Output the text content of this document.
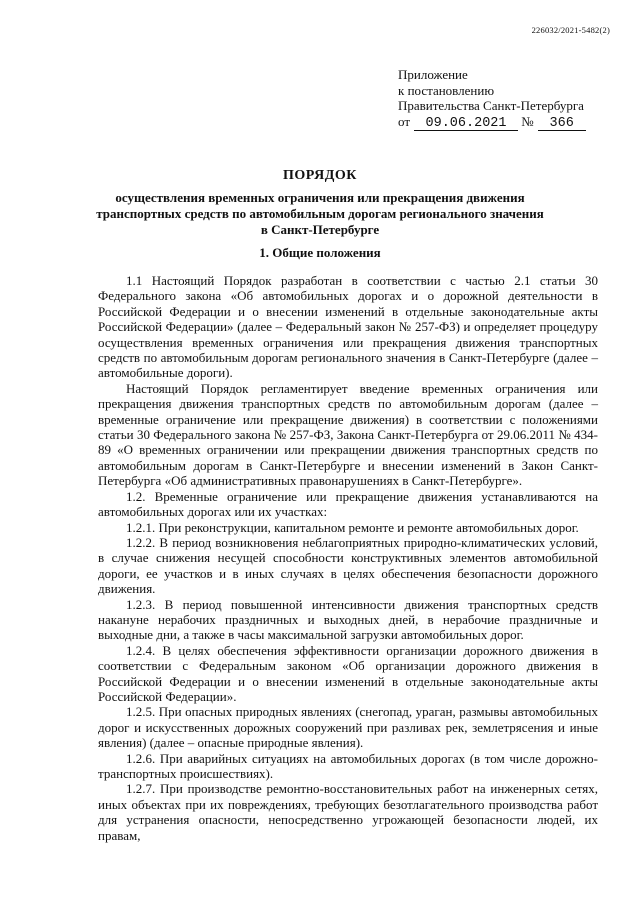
226032/2021-5482(2)
Приложение
к постановлению
Правительства Санкт-Петербурга
от 09.06.2021 № 366
ПОРЯДОК
осуществления временных ограничения или прекращения движения
транспортных средств по автомобильным дорогам регионального значения
в Санкт-Петербурге
1. Общие положения

1.1 Настоящий Порядок разработан в соответствии с частью 2.1 статьи 30 Федерального закона «Об автомобильных дорогах и о дорожной деятельности в Российской Федерации и о внесении изменений в отдельные законодательные акты Российской Федерации» (далее – Федеральный закон № 257-ФЗ) и определяет процедуру осуществления временных ограничения или прекращения движения транспортных средств по автомобильным дорогам регионального значения в Санкт-Петербурге (далее – автомобильные дороги).

Настоящий Порядок регламентирует введение временных ограничения или прекращения движения транспортных средств по автомобильным дорогам (далее – временные ограничение или прекращение движения) в соответствии с положениями статьи 30 Федерального закона № 257-ФЗ, Закона Санкт-Петербурга от 29.06.2011 № 434-89 «О временных ограничении или прекращении движения транспортных средств по автомобильным дорогам в Санкт-Петербурге и внесении изменений в Закон Санкт-Петербурга «Об административных правонарушениях в Санкт-Петербурге».

1.2. Временные ограничение или прекращение движения устанавливаются на автомобильных дорогах или их участках:

1.2.1. При реконструкции, капитальном ремонте и ремонте автомобильных дорог.

1.2.2. В период возникновения неблагоприятных природно-климатических условий, в случае снижения несущей способности конструктивных элементов автомобильной дороги, ее участков и в иных случаях в целях обеспечения безопасности дорожного движения.

1.2.3. В период повышенной интенсивности движения транспортных средств накануне нерабочих праздничных и выходных дней, в нерабочие праздничные и выходные дни, а также в часы максимальной загрузки автомобильных дорог.

1.2.4. В целях обеспечения эффективности организации дорожного движения в соответствии с Федеральным законом «Об организации дорожного движения в Российской Федерации и о внесении изменений в отдельные законодательные акты Российской Федерации».

1.2.5. При опасных природных явлениях (снегопад, ураган, размывы автомобильных дорог и искусственных дорожных сооружений при разливах рек, землетрясения и иные явления) (далее – опасные природные явления).

1.2.6. При аварийных ситуациях на автомобильных дорогах (в том числе дорожно-транспортных происшествиях).

1.2.7. При производстве ремонтно-восстановительных работ на инженерных сетях, иных объектах при их повреждениях, требующих безотлагательного производства работ для устранения опасности, непосредственно угрожающей безопасности людей, их правам,
